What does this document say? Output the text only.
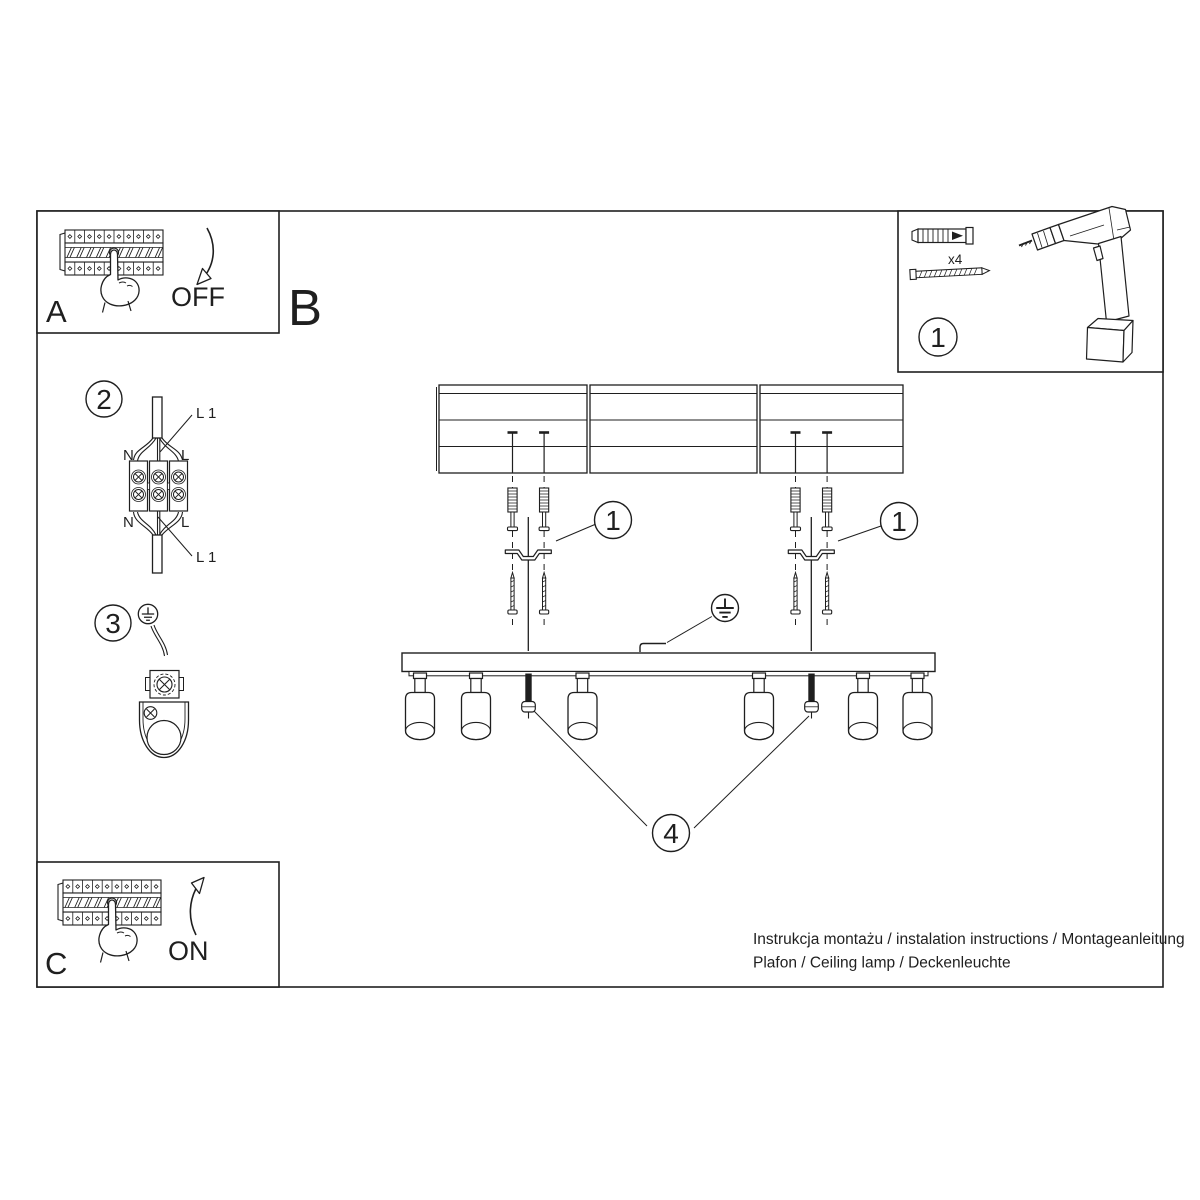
OFF
A	B
x4
1
2	L 1
N	L
N	L
L 1
3
ON
C
1	1
4
Instrukcja montażu / instalation instructions / Montageanleitung
Plafon / Ceiling lamp / Deckenleuchte
